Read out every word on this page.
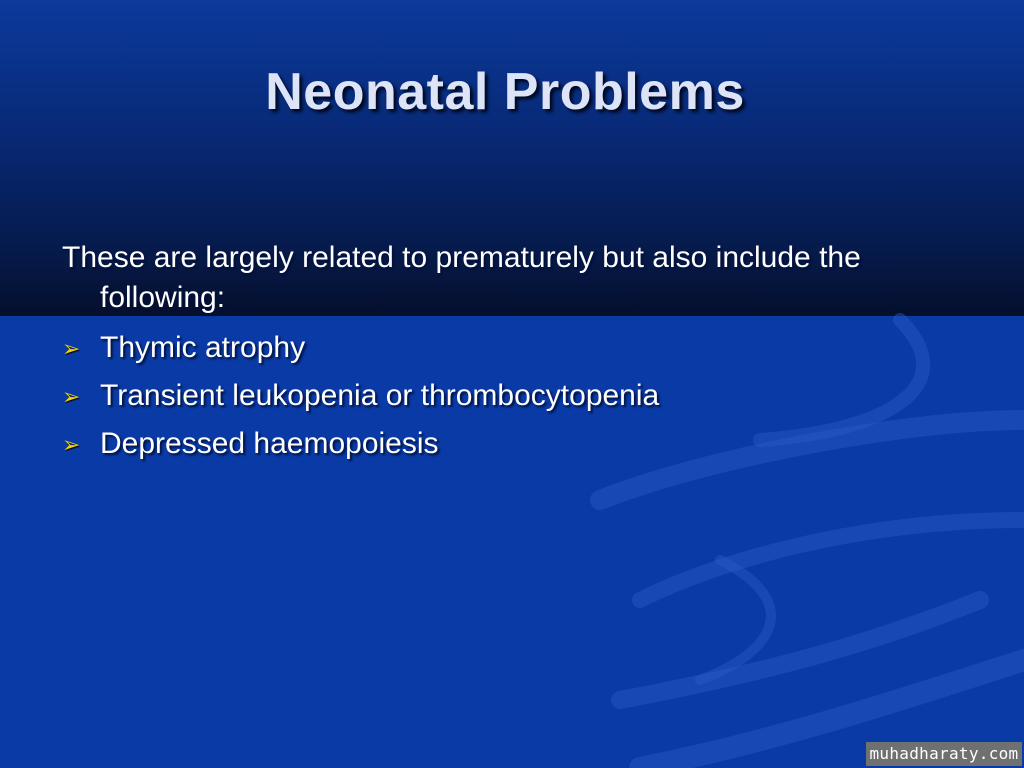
Neonatal Problems

These are largely related to prematurely but also include the following:

➢ Thymic atrophy
➢ Transient leukopenia or thrombocytopenia
➢ Depressed haemopoiesis
muhadharaty.com
